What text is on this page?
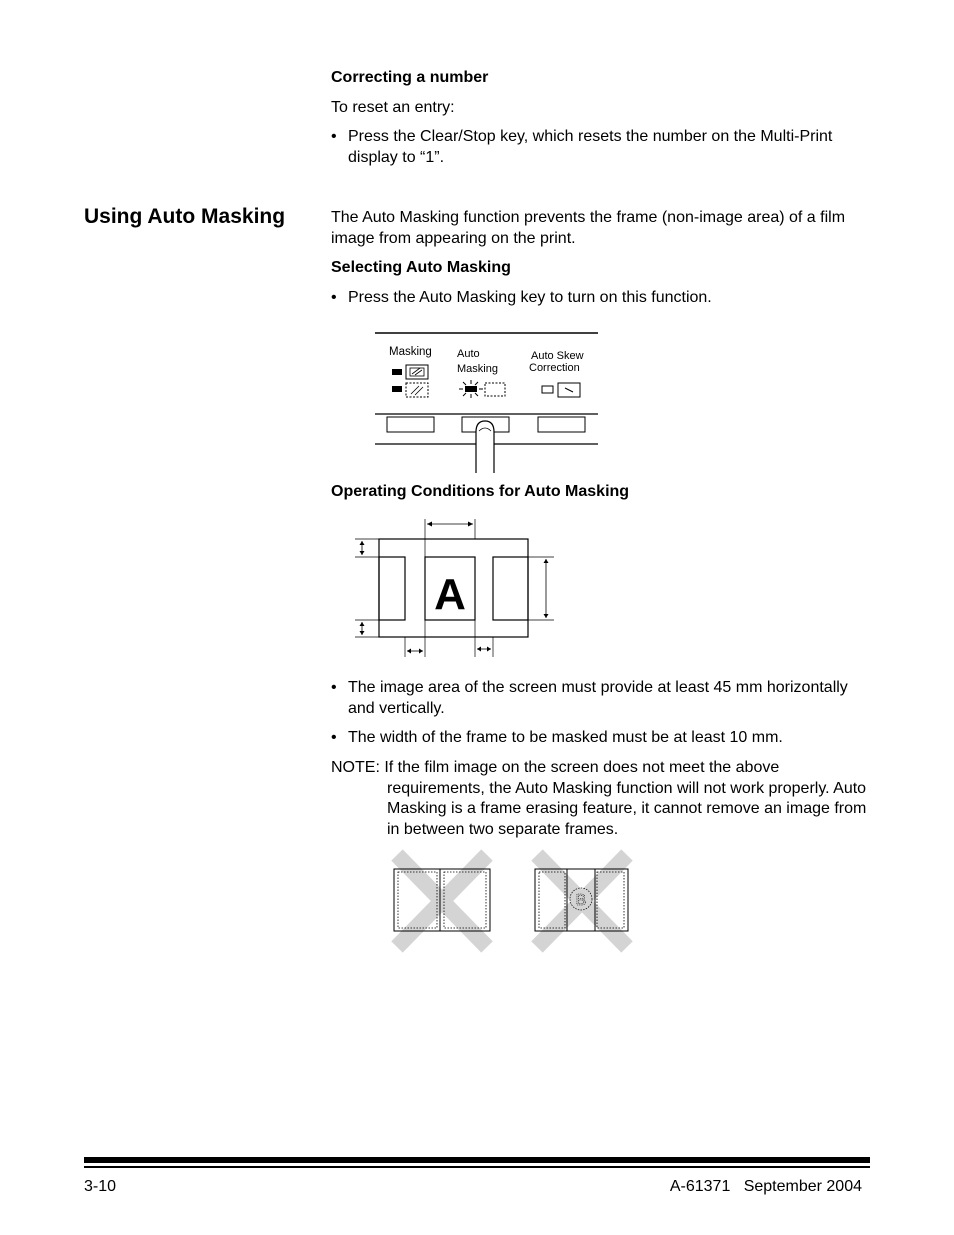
Correcting a number
To reset an entry:
• Press the Clear/Stop key, which resets the number on the Multi-Print display to “1”.
Using Auto Masking	The Auto Masking function prevents the frame (non-image area) of a film image from appearing on the print.
Selecting Auto Masking
• Press the Auto Masking key to turn on this function.
Masking Auto
Masking
Auto Skew
Correction
Operating Conditions for Auto Masking
A
• The image area of the screen must provide at least 45 mm horizontally and vertically.
• The width of the frame to be masked must be at least 10 mm.
NOTE: If the film image on the screen does not meet the above
requirements, the Auto Masking function will not work properly. Auto Masking is a frame erasing feature, it cannot remove an image from in between two separate frames.
B
3-10	A-61371   September 2004
